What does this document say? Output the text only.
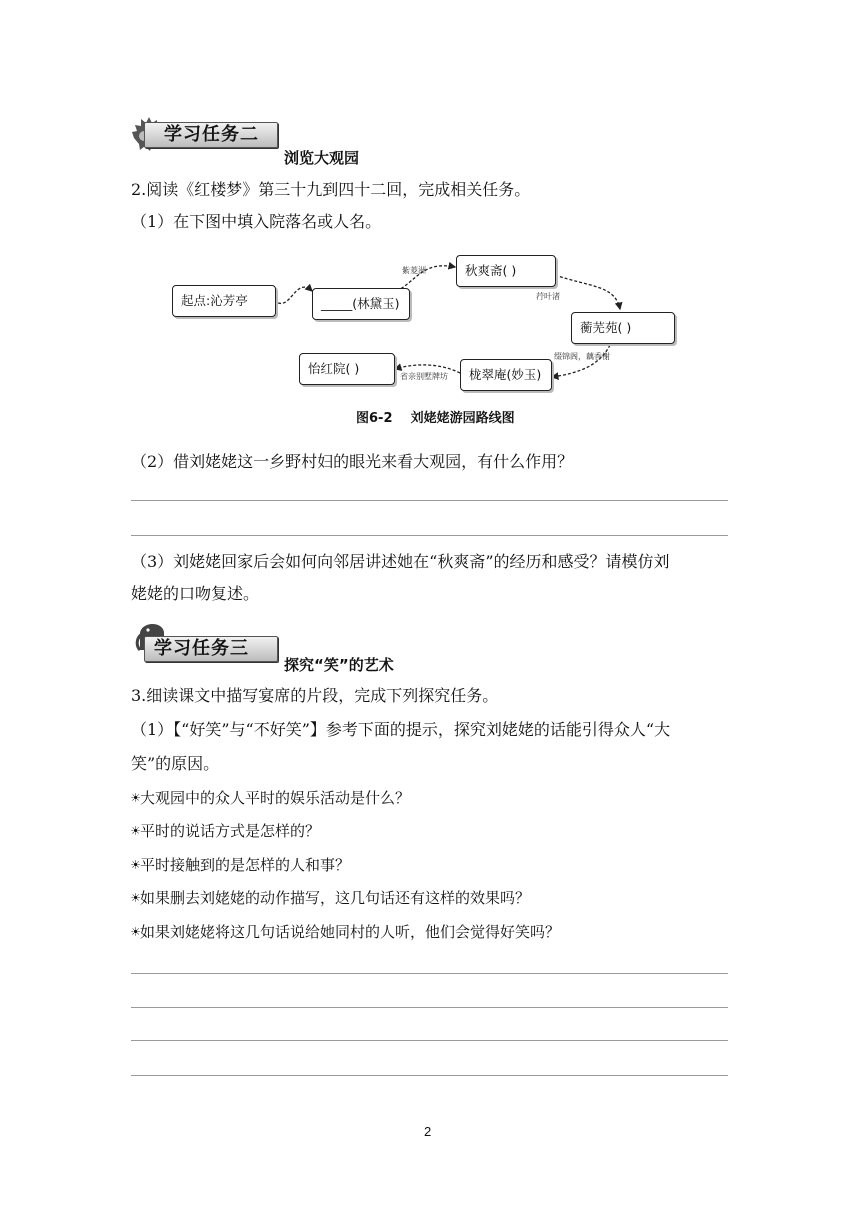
学习任务二
浏览大观园
2.阅读《红楼梦》第三十九到四十二回，完成相关任务。
（1）在下图中填入院落名或人名。
起点:沁芳亭	_____(林黛玉)
秋爽斋( )
蘅芜苑( )
栊翠庵(妙玉)
怡红院( )
紫菱洲
荇叶渚
缀锦阁，藕香榭
省亲别墅牌坊
图6-2    刘姥姥游园路线图
（2）借刘姥姥这一乡野村妇的眼光来看大观园，有什么作用？
（3）刘姥姥回家后会如何向邻居讲述她在“秋爽斋”的经历和感受？请模仿刘
姥姥的口吻复述。
学习任务三
探究“笑”的艺术
3.细读课文中描写宴席的片段，完成下列探究任务。
（1）【“好笑”与“不好笑”】参考下面的提示，探究刘姥姥的话能引得众人“大
笑”的原因。
☀大观园中的众人平时的娱乐活动是什么？
☀平时的说话方式是怎样的？
☀平时接触到的是怎样的人和事？
☀如果删去刘姥姥的动作描写，这几句话还有这样的效果吗？
☀如果刘姥姥将这几句话说给她同村的人听，他们会觉得好笑吗？
2
